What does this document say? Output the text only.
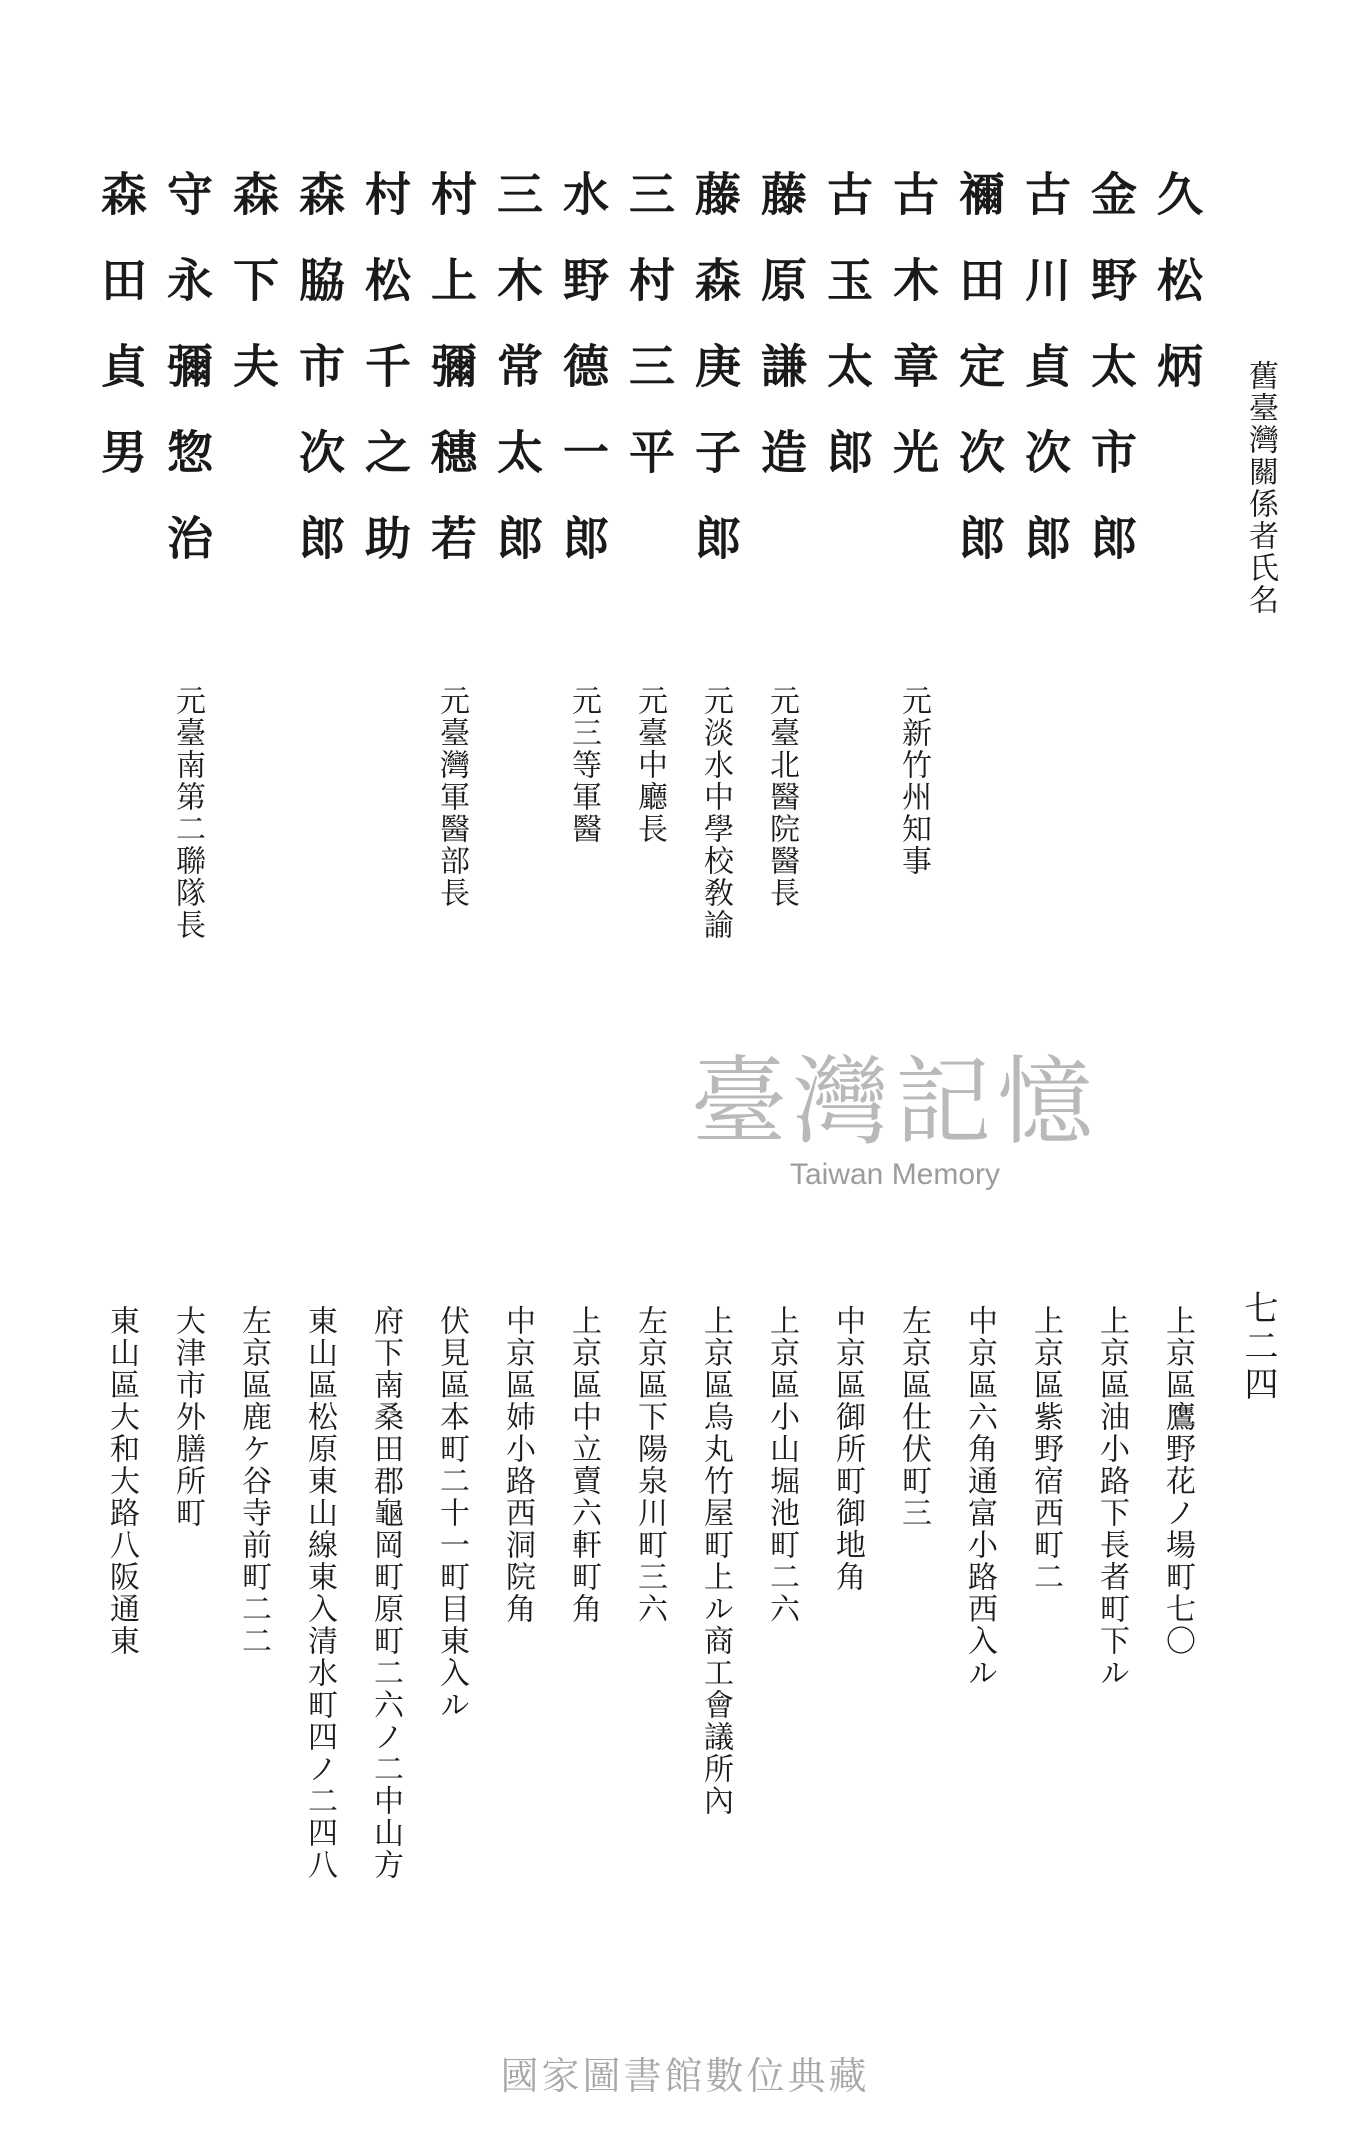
舊臺灣關係者氏名
七二四
久松炳
金野太市郎
古川貞次郎
禰田定次郎
古木章光
古玉太郎
藤原謙造
藤森庚子郎
三村三平
水野德一郎
三木常太郎
村上彌穗若
村松千之助
森脇市次郎
森下夫
守永彌惣治
森田貞男
元新竹州知事
元臺北醫院醫長
元淡水中學校敎諭
元臺中廳長
元三等軍醫
元臺灣軍醫部長
元臺南第二聯隊長
臺灣記憶
Taiwan Memory
上京區鷹野花ノ場町七〇
上京區油小路下長者町下ル
上京區紫野宿西町二
中京區六角通富小路西入ル
左京區仕伏町三
中京區御所町御地角
上京區小山堀池町二六
上京區烏丸竹屋町上ル商工會議所內
左京區下陽泉川町三六
上京區中立賣六軒町角
中京區姉小路西洞院角
伏見區本町二十一町目東入ル
府下南桑田郡龜岡町原町二六ノ二中山方
東山區松原東山線東入清水町四ノ二四八
左京區鹿ケ谷寺前町二二
大津市外膳所町
東山區大和大路八阪通東
國家圖書館數位典藏
